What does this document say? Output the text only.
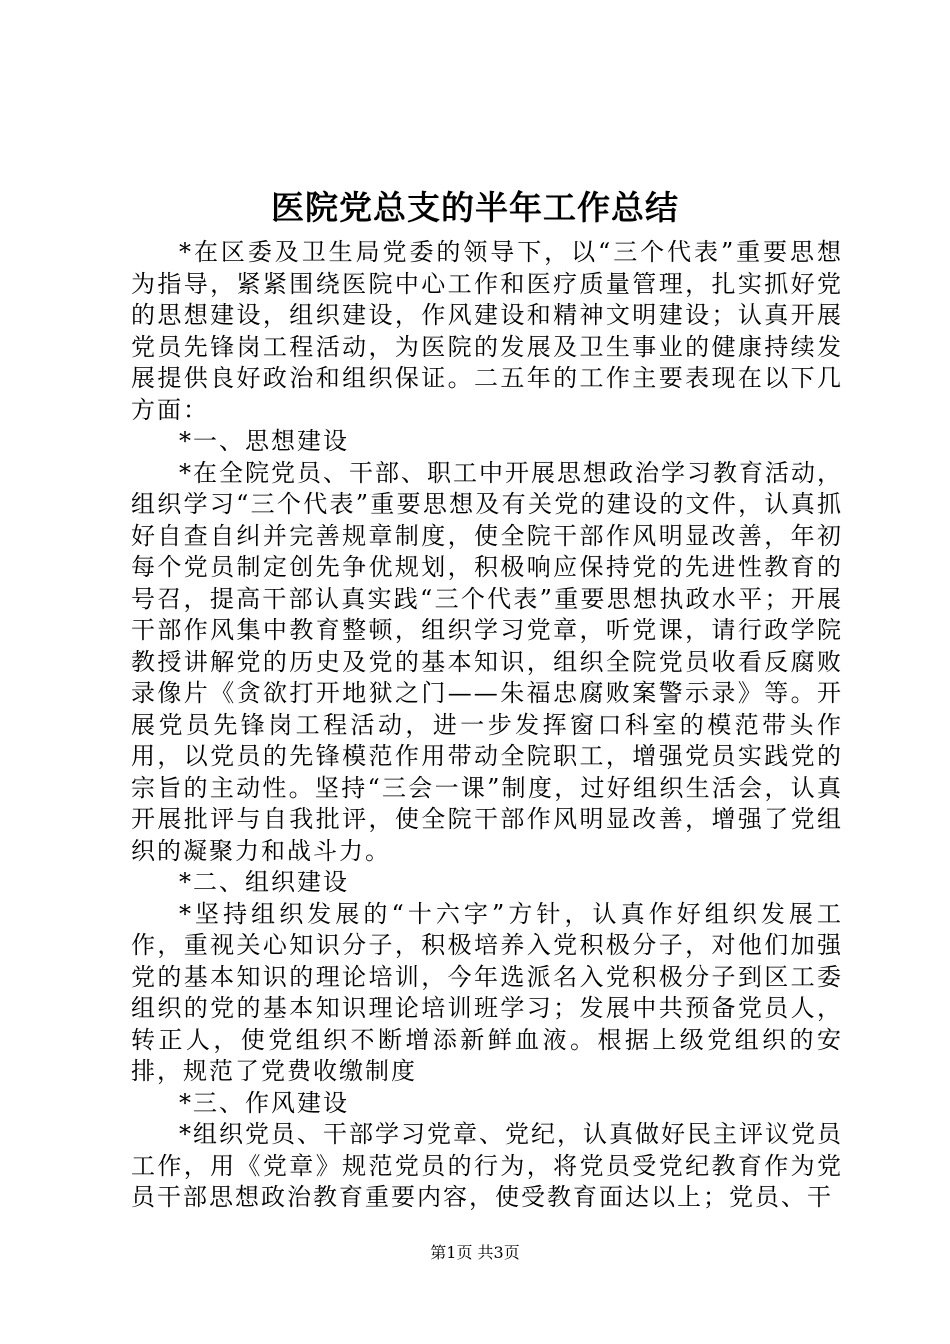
医院党总支的半年工作总结

*在区委及卫生局党委的领导下，以“三个代表”重要思想为指导，紧紧围绕医院中心工作和医疗质量管理，扎实抓好党的思想建设，组织建设，作风建设和精神文明建设；认真开展党员先锋岗工程活动，为医院的发展及卫生事业的健康持续发展提供良好政治和组织保证。二五年的工作主要表现在以下几方面：

*一、思想建设

*在全院党员、干部、职工中开展思想政治学习教育活动，组织学习“三个代表”重要思想及有关党的建设的文件，认真抓好自查自纠并完善规章制度，使全院干部作风明显改善，年初每个党员制定创先争优规划，积极响应保持党的先进性教育的号召，提高干部认真实践“三个代表”重要思想执政水平；开展干部作风集中教育整顿，组织学习党章，听党课，请行政学院教授讲解党的历史及党的基本知识，组织全院党员收看反腐败录像片《贪欲打开地狱之门——朱福忠腐败案警示录》等。开展党员先锋岗工程活动，进一步发挥窗口科室的模范带头作用，以党员的先锋模范作用带动全院职工，增强党员实践党的宗旨的主动性。坚持“三会一课”制度，过好组织生活会，认真开展批评与自我批评，使全院干部作风明显改善，增强了党组织的凝聚力和战斗力。

*二、组织建设

*坚持组织发展的“十六字”方针，认真作好组织发展工作，重视关心知识分子，积极培养入党积极分子，对他们加强党的基本知识的理论培训，今年选派名入党积极分子到区工委组织的党的基本知识理论培训班学习；发展中共预备党员人，转正人，使党组织不断增添新鲜血液。根据上级党组织的安排，规范了党费收缴制度

*三、作风建设

*组织党员、干部学习党章、党纪，认真做好民主评议党员工作，用《党章》规范党员的行为，将党员受党纪教育作为党员干部思想政治教育重要内容，使受教育面达以上；党员、干

第1页 共3页
